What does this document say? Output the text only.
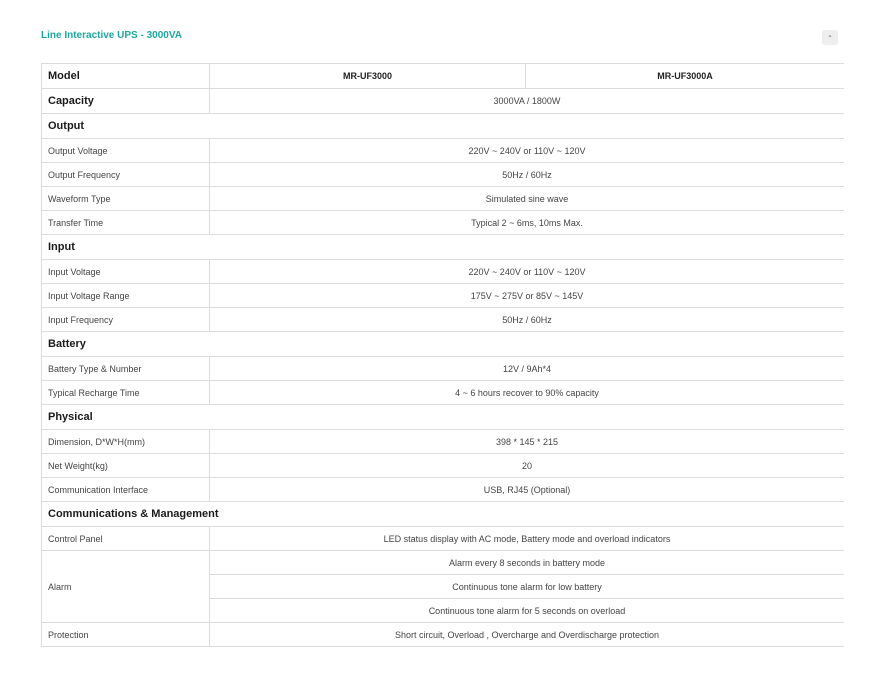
Line Interactive UPS - 3000VA	-
Model	MR-UF3000	MR-UF3000A
Capacity	3000VA / 1800W	
Output		
Output Voltage	220V ~ 240V or 110V ~ 120V	
Output Frequency	50Hz / 60Hz	
Waveform Type	Simulated sine wave	
Transfer Time	Typical 2 ~ 6ms, 10ms Max.	
Input		
Input Voltage	220V ~ 240V or 110V ~ 120V	
Input Voltage Range	175V ~ 275V or 85V ~ 145V	
Input Frequency	50Hz / 60Hz	
Battery		
Battery Type & Number	12V / 9Ah*4	
Typical Recharge Time	4 ~ 6 hours recover to 90% capacity	
Physical		
Dimension, D*W*H(mm)	398 * 145 * 215	
Net Weight(kg)	20	
Communication Interface	USB, RJ45 (Optional)	
Communications & Management		
Control Panel	LED status display with AC mode, Battery mode and overload indicators	
Alarm	Alarm every 8 seconds in battery mode	
	Continuous tone alarm for low battery	
	Continuous tone alarm for 5 seconds on overload	
Protection	Short circuit, Overload , Overcharge and Overdischarge protection	
